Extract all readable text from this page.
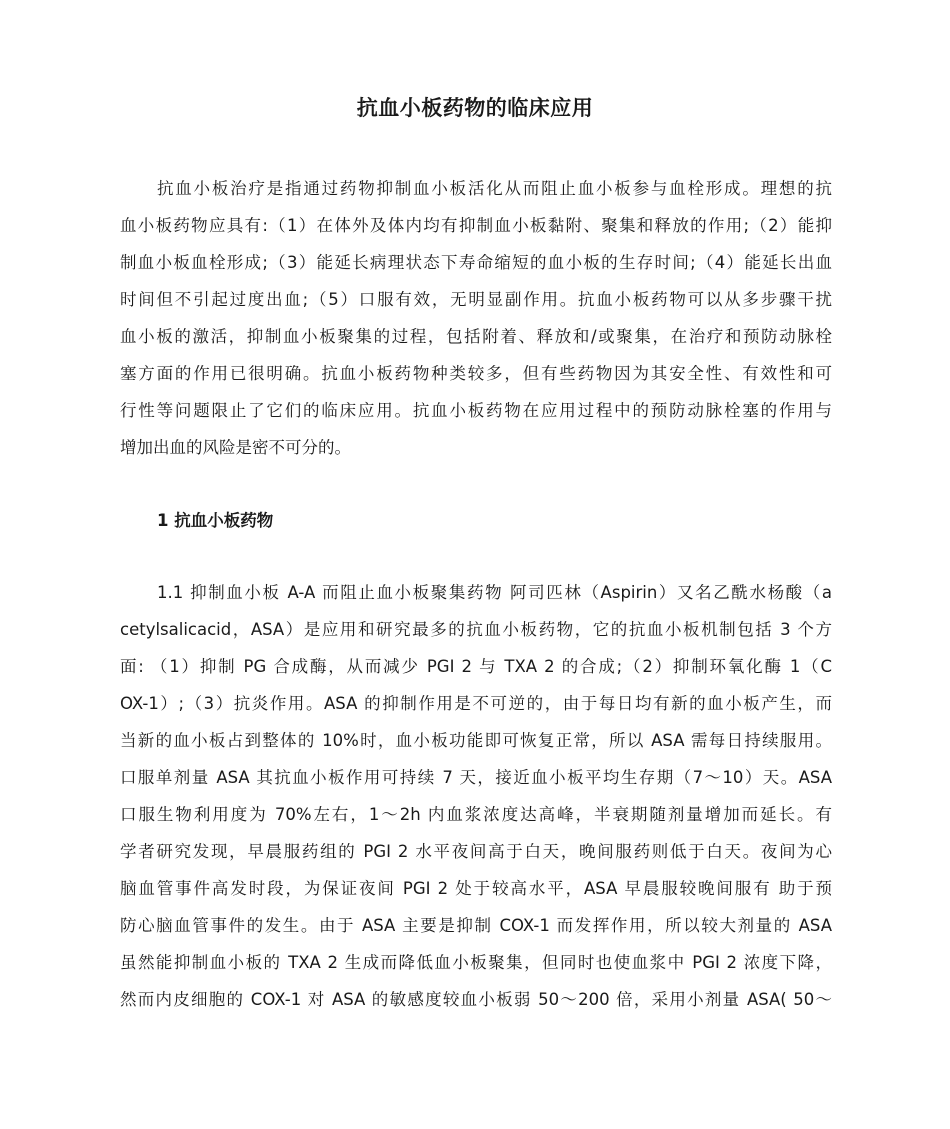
抗血小板药物的临床应用
抗血小板治疗是指通过药物抑制血小板活化从而阻止血小板参与血栓形成。理想的抗
血小板药物应具有:（1）在体外及体内均有抑制血小板黏附、聚集和释放的作用;（2）能抑
制血小板血栓形成;（3）能延长病理状态下寿命缩短的血小板的生存时间;（4）能延长出血
时间但不引起过度出血;（5）口服有效，无明显副作用。抗血小板药物可以从多步骤干扰
血小板的激活，抑制血小板聚集的过程，包括附着、释放和/或聚集，在治疗和预防动脉栓
塞方面的作用已很明确。抗血小板药物种类较多，但有些药物因为其安全性、有效性和可
行性等问题限止了它们的临床应用。抗血小板药物在应用过程中的预防动脉栓塞的作用与
增加出血的风险是密不可分的。
1 抗血小板药物
1.1 抑制血小板 A-A 而阻止血小板聚集药物 阿司匹林（Aspirin）又名乙酰水杨酸（a
cetylsalicacid，ASA）是应用和研究最多的抗血小板药物，它的抗血小板机制包括 3 个方
面: （1）抑制 PG 合成酶，从而减少 PGI 2 与 TXA 2 的合成;（2）抑制环氧化酶 1（C
OX-1）;（3）抗炎作用。ASA 的抑制作用是不可逆的，由于每日均有新的血小板产生，而
当新的血小板占到整体的 10%时，血小板功能即可恢复正常，所以 ASA 需每日持续服用。
口服单剂量 ASA 其抗血小板作用可持续 7 天，接近血小板平均生存期（7～10）天。ASA
口服生物利用度为 70%左右，1～2h 内血浆浓度达高峰，半衰期随剂量增加而延长。有
学者研究发现，早晨服药组的 PGI 2 水平夜间高于白天，晚间服药则低于白天。夜间为心
脑血管事件高发时段，为保证夜间 PGI 2 处于较高水平，ASA 早晨服较晚间服有 助于预
防心脑血管事件的发生。由于 ASA 主要是抑制 COX-1 而发挥作用，所以较大剂量的 ASA
虽然能抑制血小板的 TXA 2 生成而降低血小板聚集，但同时也使血浆中 PGI 2 浓度下降，
然而内皮细胞的 COX-1 对 ASA 的敏感度较血小板弱 50～200 倍，采用小剂量 ASA( 50～
